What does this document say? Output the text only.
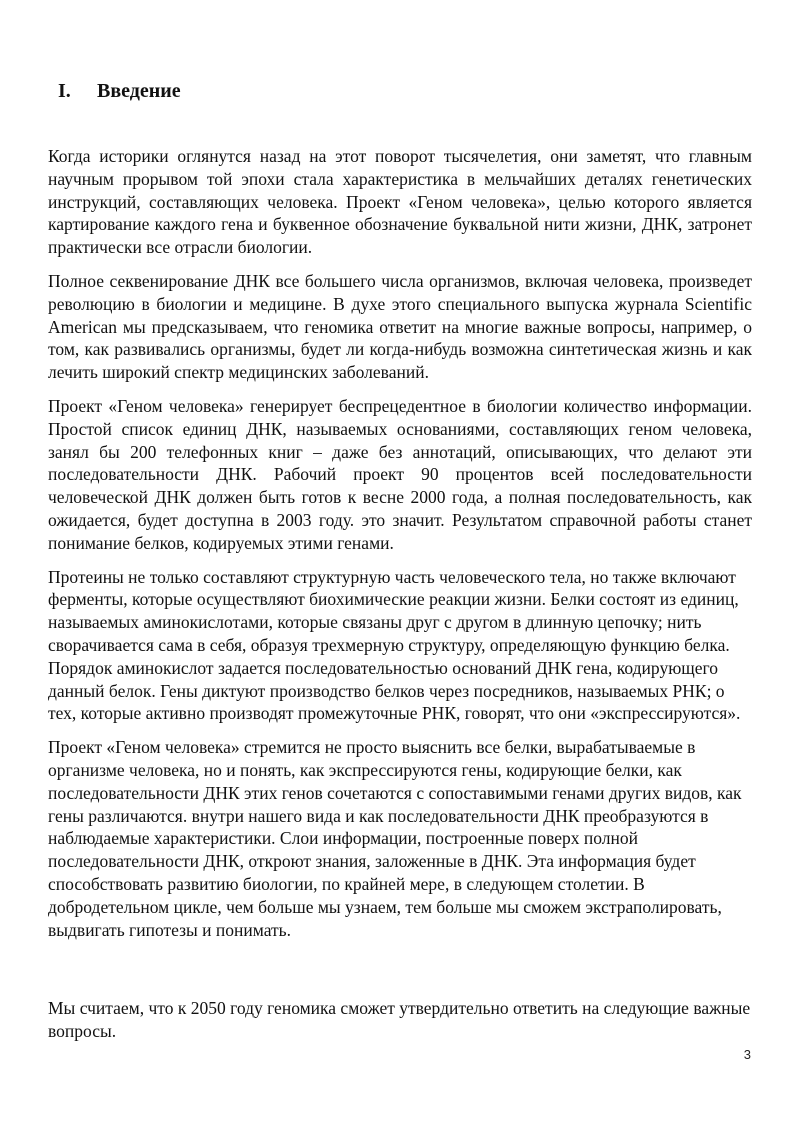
I.	Введение

Когда историки оглянутся назад на этот поворот тысячелетия, они заметят, что главным научным прорывом той эпохи стала характеристика в мельчайших деталях генетических инструкций, составляющих человека. Проект «Геном человека», целью которого является картирование каждого гена и буквенное обозначение буквальной нити жизни, ДНК, затронет практически все отрасли биологии.

Полное секвенирование ДНК все большего числа организмов, включая человека, произведет революцию в биологии и медицине. В духе этого специального выпуска журнала Scientific American мы предсказываем, что геномика ответит на многие важные вопросы, например, о том, как развивались организмы, будет ли когда-нибудь возможна синтетическая жизнь и как лечить широкий спектр медицинских заболеваний.

Проект «Геном человека» генерирует беспрецедентное в биологии количество информации. Простой список единиц ДНК, называемых основаниями, составляющих геном человека, занял бы 200 телефонных книг – даже без аннотаций, описывающих, что делают эти последовательности ДНК. Рабочий проект 90 процентов всей последовательности человеческой ДНК должен быть готов к весне 2000 года, а полная последовательность, как ожидается, будет доступна в 2003 году. это значит. Результатом справочной работы станет понимание белков, кодируемых этими генами.

Протеины не только составляют структурную часть человеческого тела, но также включают ферменты, которые осуществляют биохимические реакции жизни. Белки состоят из единиц, называемых аминокислотами, которые связаны друг с другом в длинную цепочку; нить сворачивается сама в себя, образуя трехмерную структуру, определяющую функцию белка. Порядок аминокислот задается последовательностью оснований ДНК гена, кодирующего данный белок. Гены диктуют производство белков через посредников, называемых РНК; о тех, которые активно производят промежуточные РНК, говорят, что они «экспрессируются».

Проект «Геном человека» стремится не просто выяснить все белки, вырабатываемые в организме человека, но и понять, как экспрессируются гены, кодирующие белки, как последовательности ДНК этих генов сочетаются с сопоставимыми генами других видов, как гены различаются. внутри нашего вида и как последовательности ДНК преобразуются в наблюдаемые характеристики. Слои информации, построенные поверх полной последовательности ДНК, откроют знания, заложенные в ДНК. Эта информация будет способствовать развитию биологии, по крайней мере, в следующем столетии. В добродетельном цикле, чем больше мы узнаем, тем больше мы сможем экстраполировать, выдвигать гипотезы и понимать.

Мы считаем, что к 2050 году геномика сможет утвердительно ответить на следующие важные вопросы.

3
